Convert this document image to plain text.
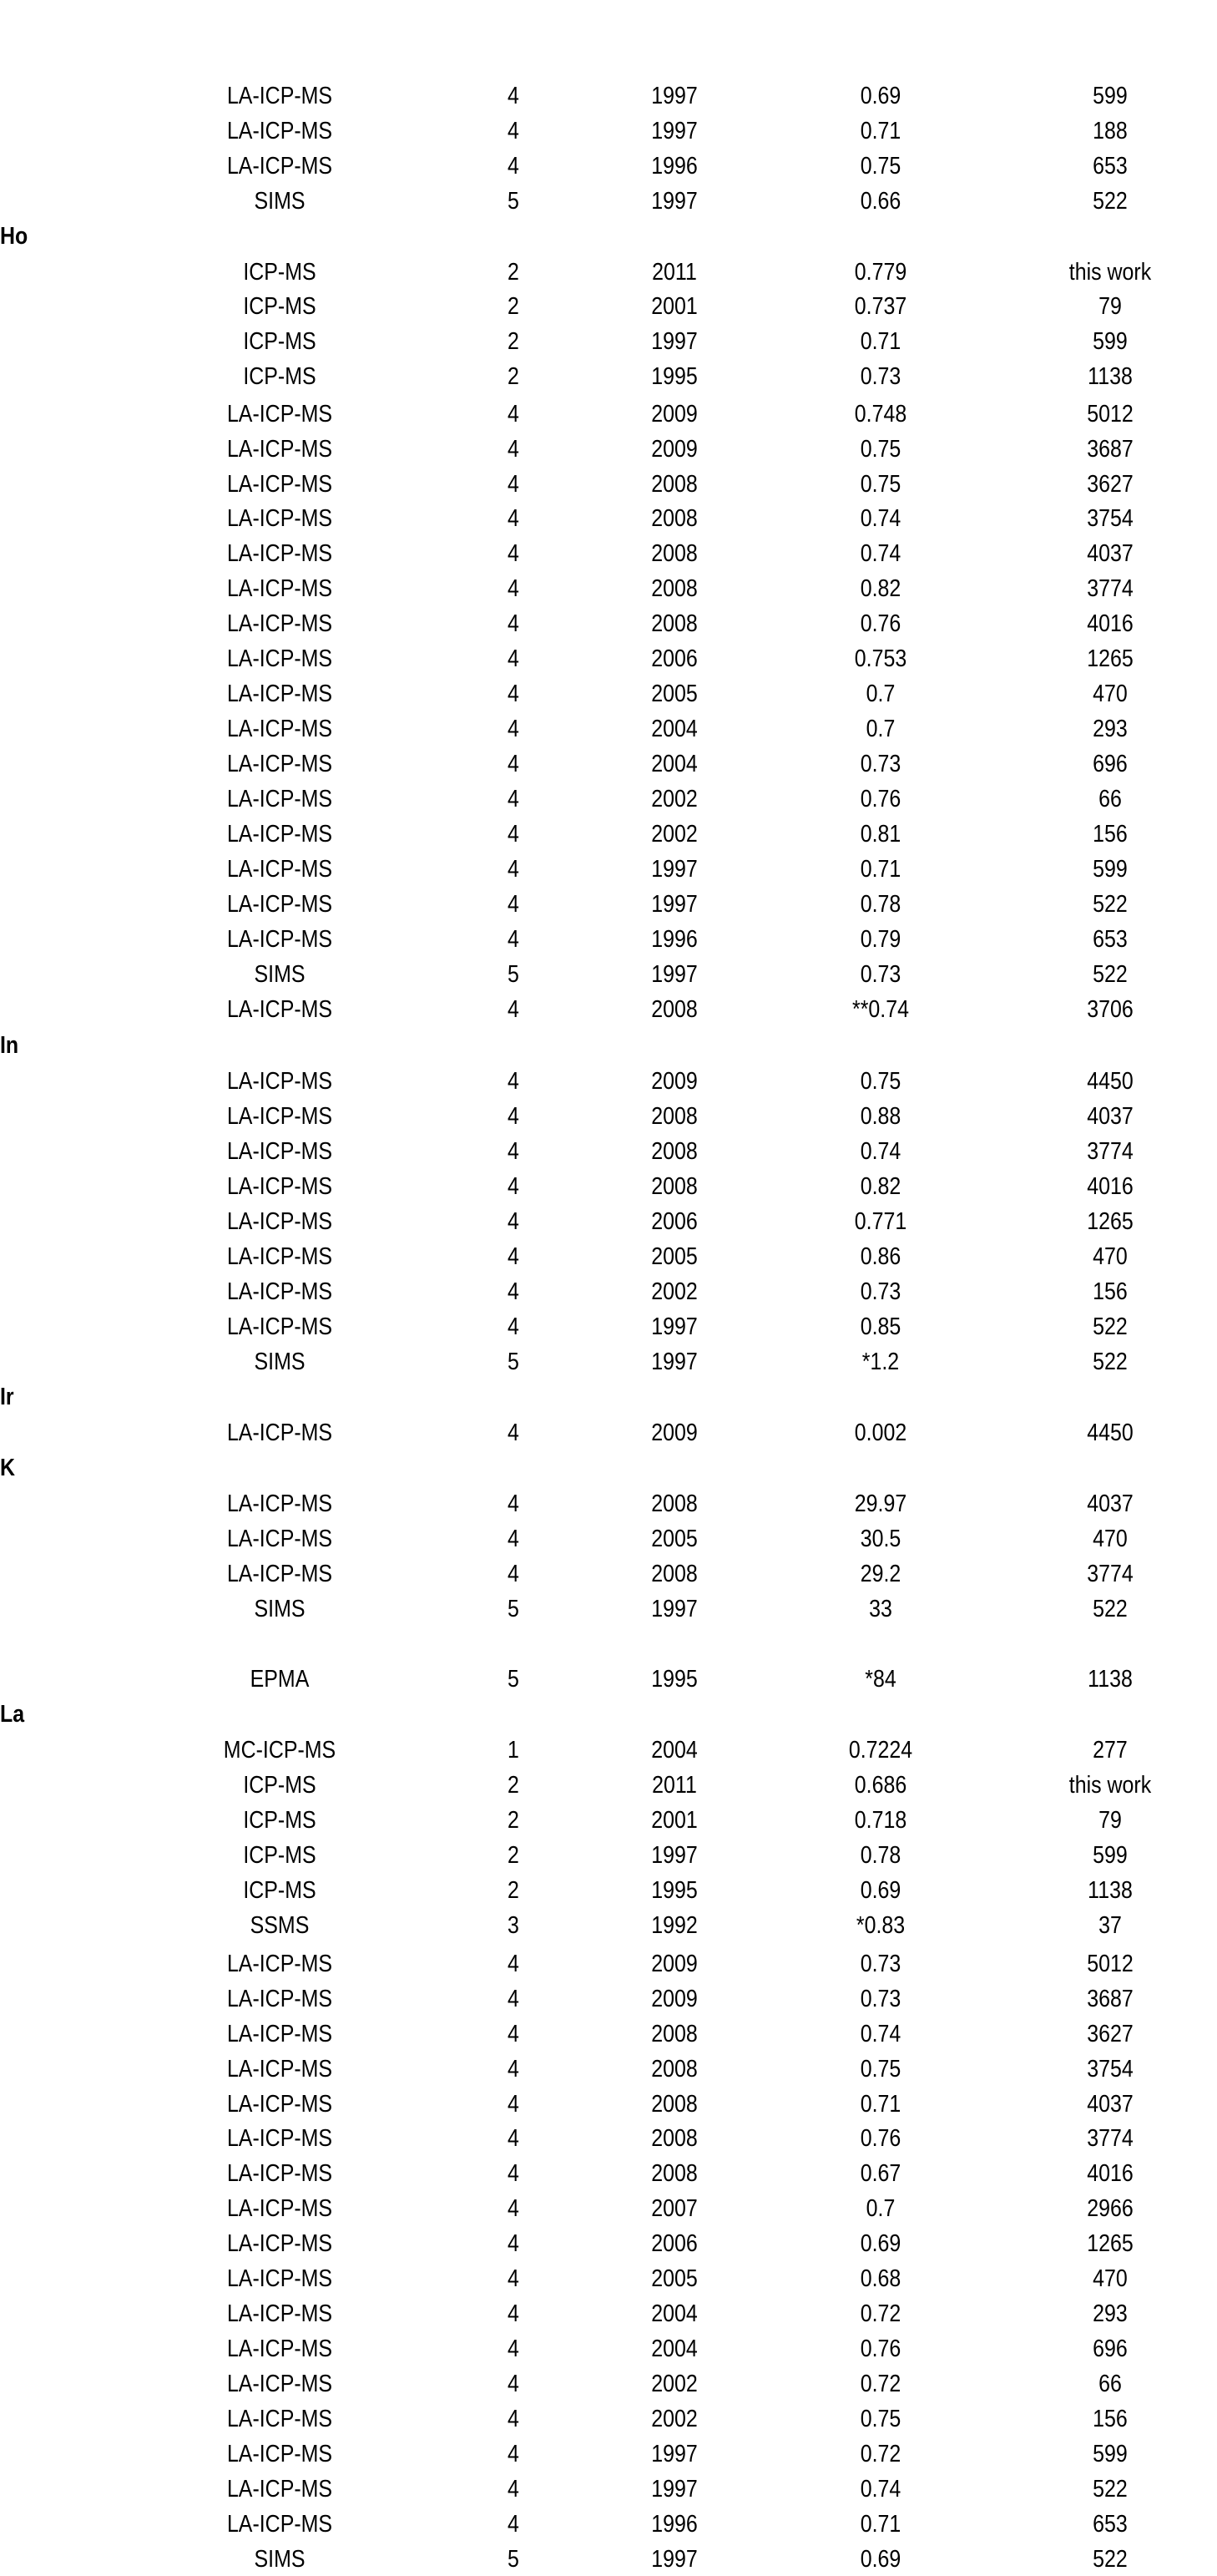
LA-ICP-MS	4	1997	0.69	599
LA-ICP-MS	4	1997	0.71	188
LA-ICP-MS	4	1996	0.75	653
SIMS	5	1997	0.66	522
Ho
ICP-MS	2	2011	0.779	this work
ICP-MS	2	2001	0.737	79
ICP-MS	2	1997	0.71	599
ICP-MS	2	1995	0.73	1138
LA-ICP-MS	4	2009	0.748	5012
LA-ICP-MS	4	2009	0.75	3687
LA-ICP-MS	4	2008	0.75	3627
LA-ICP-MS	4	2008	0.74	3754
LA-ICP-MS	4	2008	0.74	4037
LA-ICP-MS	4	2008	0.82	3774
LA-ICP-MS	4	2008	0.76	4016
LA-ICP-MS	4	2006	0.753	1265
LA-ICP-MS	4	2005	0.7	470
LA-ICP-MS	4	2004	0.7	293
LA-ICP-MS	4	2004	0.73	696
LA-ICP-MS	4	2002	0.76	66
LA-ICP-MS	4	2002	0.81	156
LA-ICP-MS	4	1997	0.71	599
LA-ICP-MS	4	1997	0.78	522
LA-ICP-MS	4	1996	0.79	653
SIMS	5	1997	0.73	522
LA-ICP-MS	4	2008	**0.74	3706
In
LA-ICP-MS	4	2009	0.75	4450
LA-ICP-MS	4	2008	0.88	4037
LA-ICP-MS	4	2008	0.74	3774
LA-ICP-MS	4	2008	0.82	4016
LA-ICP-MS	4	2006	0.771	1265
LA-ICP-MS	4	2005	0.86	470
LA-ICP-MS	4	2002	0.73	156
LA-ICP-MS	4	1997	0.85	522
SIMS	5	1997	*1.2	522
Ir
LA-ICP-MS	4	2009	0.002	4450
K
LA-ICP-MS	4	2008	29.97	4037
LA-ICP-MS	4	2005	30.5	470
LA-ICP-MS	4	2008	29.2	3774
SIMS	5	1997	33	522
EPMA	5	1995	*84	1138
La
MC-ICP-MS	1	2004	0.7224	277
ICP-MS	2	2011	0.686	this work
ICP-MS	2	2001	0.718	79
ICP-MS	2	1997	0.78	599
ICP-MS	2	1995	0.69	1138
SSMS	3	1992	*0.83	37
LA-ICP-MS	4	2009	0.73	5012
LA-ICP-MS	4	2009	0.73	3687
LA-ICP-MS	4	2008	0.74	3627
LA-ICP-MS	4	2008	0.75	3754
LA-ICP-MS	4	2008	0.71	4037
LA-ICP-MS	4	2008	0.76	3774
LA-ICP-MS	4	2008	0.67	4016
LA-ICP-MS	4	2007	0.7	2966
LA-ICP-MS	4	2006	0.69	1265
LA-ICP-MS	4	2005	0.68	470
LA-ICP-MS	4	2004	0.72	293
LA-ICP-MS	4	2004	0.76	696
LA-ICP-MS	4	2002	0.72	66
LA-ICP-MS	4	2002	0.75	156
LA-ICP-MS	4	1997	0.72	599
LA-ICP-MS	4	1997	0.74	522
LA-ICP-MS	4	1996	0.71	653
SIMS	5	1997	0.69	522
